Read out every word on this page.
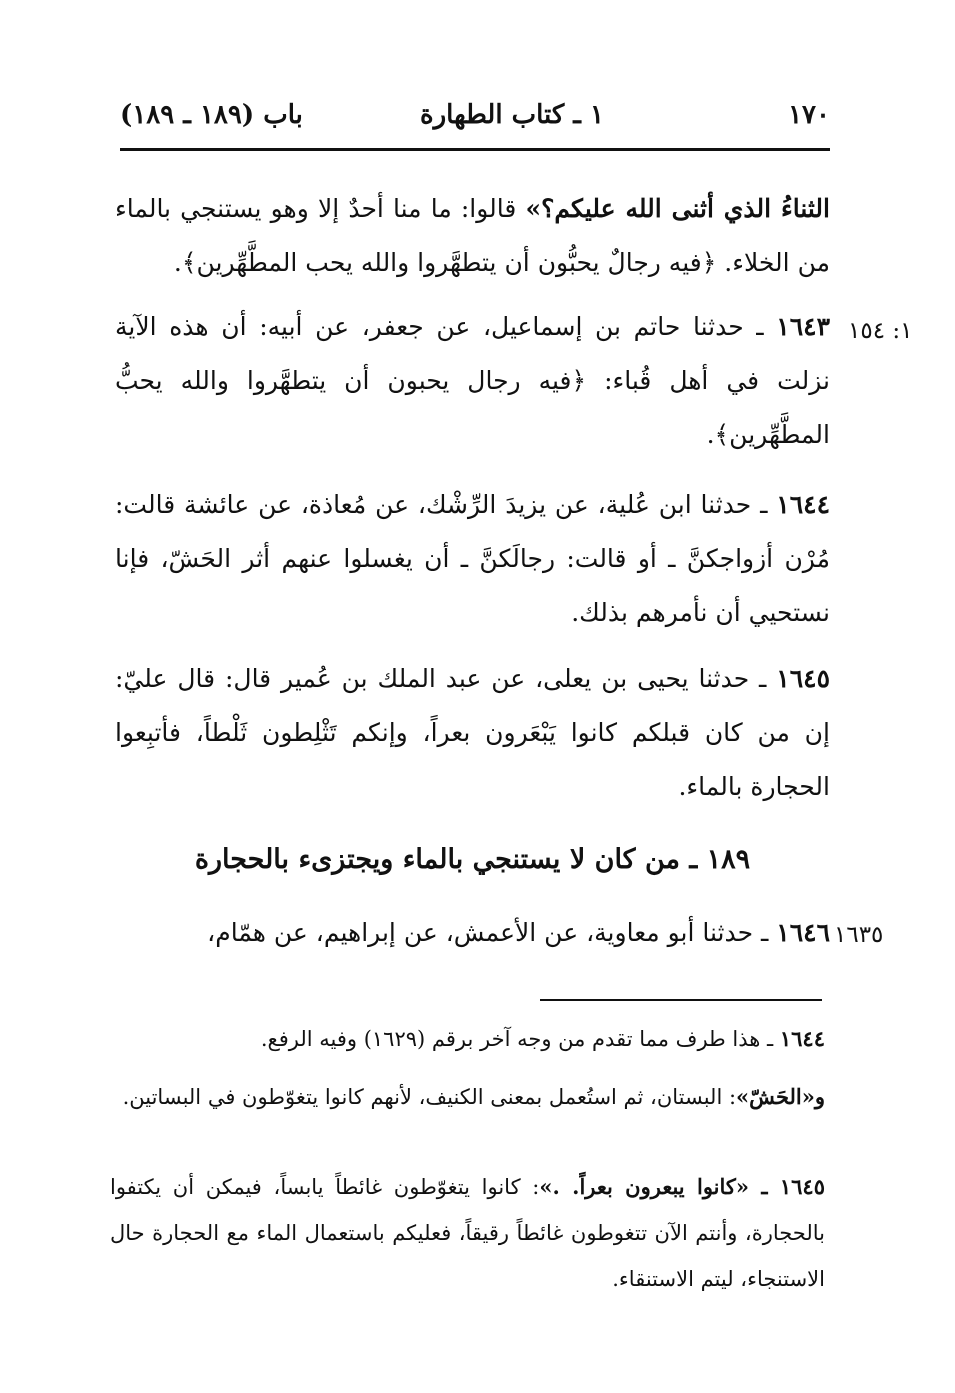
١٧٠
١ ـ كتاب الطهارة
باب (١٨٩ ـ ١٨٩)
الثناءُ الذي أثنى الله عليكم؟» قالوا: ما منا أحدٌ إلا وهو يستنجي بالماء من الخلاء. ﴿فيه رجالٌ يحبُّون أن يتطهَّروا والله يحب المطَّهِّرين﴾.
١٦٤٣ ـ حدثنا حاتم بن إسماعيل، عن جعفر، عن أبيه: أن هذه الآية نزلت في أهل قُباء: ﴿فيه رجال يحبون أن يتطهَّروا والله يحبُّ المطَّهِّرين﴾.
١: ١٥٤
١٦٤٤ ـ حدثنا ابن عُلية، عن يزيدَ الرِّشْك، عن مُعاذة، عن عائشة قالت: مُرْن أزواجكنَّ ـ أو قالت: رجالَكنَّ ـ أن يغسلوا عنهم أثر الحَشّ، فإنا نستحيي أن نأمرهم بذلك.
١٦٤٥ ـ حدثنا يحيى بن يعلى، عن عبد الملك بن عُمير قال: قال عليّ: إن من كان قبلكم كانوا يَبْعَرون بعراً، وإنكم تَثْلِطون ثَلْطاً، فأتبِعوا الحجارة بالماء.
١٨٩ ـ من كان لا يستنجي بالماء ويجتزىء بالحجارة
١٦٤٦ ـ حدثنا أبو معاوية، عن الأعمش، عن إبراهيم، عن همّام،	١٦٣٥
١٦٤٤ ـ هذا طرف مما تقدم من وجه آخر برقم (١٦٢٩) وفيه الرفع.
و«الحَشّ»: البستان، ثم استُعمل بمعنى الكنيف، لأنهم كانوا يتغوّطون في البساتين.
١٦٤٥ ـ «كانوا يبعرون بعراً. .»: كانوا يتغوّطون غائطاً يابساً، فيمكن أن يكتفوا بالحجارة، وأنتم الآن تتغوطون غائطاً رقيقاً، فعليكم باستعمال الماء مع الحجارة حال الاستنجاء، ليتم الاستنقاء.
